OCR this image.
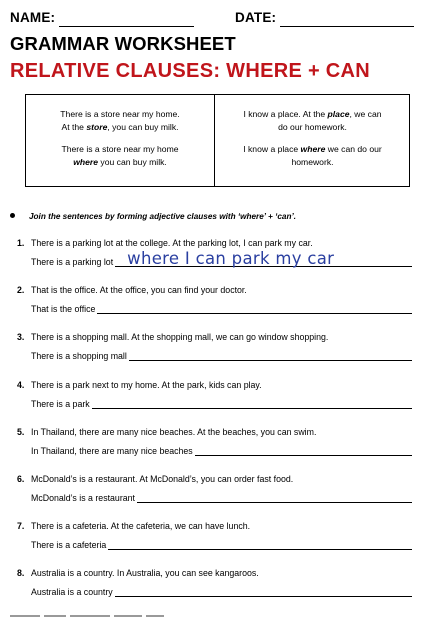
NAME:	DATE:
GRAMMAR WORKSHEET
RELATIVE CLAUSES: WHERE + CAN
There is a store near my home.
At the store, you can buy milk.
There is a store near my home
where you can buy milk.
I know a place. At the place, we can
do our homework.
I know a place where we can do our
homework.
Join the sentences by forming adjective clauses with ‘where’ + ‘can’.
1. There is a parking lot at the college. At the parking lot, I can park my car.
There is a parking lot where I can park my car
2. That is the office. At the office, you can find your doctor.
That is the office
3. There is a shopping mall. At the shopping mall, we can go window shopping.
There is a shopping mall
4. There is a park next to my home. At the park, kids can play.
There is a park
5. In Thailand, there are many nice beaches. At the beaches, you can swim.
In Thailand, there are many nice beaches
6. McDonald’s is a restaurant. At McDonald’s, you can order fast food.
McDonald’s is a restaurant
7. There is a cafeteria. At the cafeteria, we can have lunch.
There is a cafeteria
8. Australia is a country. In Australia, you can see kangaroos.
Australia is a country
